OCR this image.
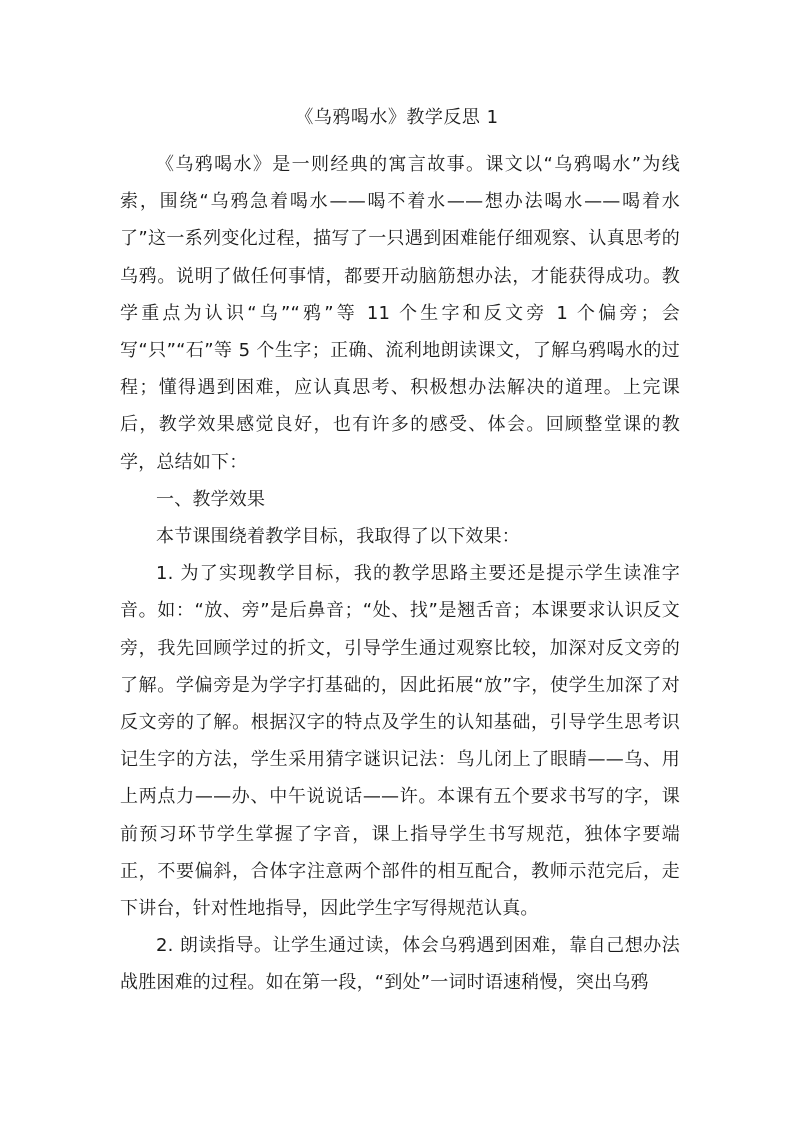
《乌鸦喝水》教学反思 1

《乌鸦喝水》是一则经典的寓言故事。课文以“乌鸦喝水”为线索，围绕“乌鸦急着喝水——喝不着水——想办法喝水——喝着水了”这一系列变化过程，描写了一只遇到困难能仔细观察、认真思考的乌鸦。说明了做任何事情，都要开动脑筋想办法，才能获得成功。教学重点为认识“乌”“鸦”等 11 个生字和反文旁 1 个偏旁；会写“只”“石”等 5 个生字；正确、流利地朗读课文，了解乌鸦喝水的过程；懂得遇到困难，应认真思考、积极想办法解决的道理。上完课后，教学效果感觉良好，也有许多的感受、体会。回顾整堂课的教学，总结如下：

一、教学效果

本节课围绕着教学目标，我取得了以下效果：

1. 为了实现教学目标，我的教学思路主要还是提示学生读准字音。如：“放、旁”是后鼻音；“处、找”是翘舌音；本课要求认识反文旁，我先回顾学过的折文，引导学生通过观察比较，加深对反文旁的了解。学偏旁是为学字打基础的，因此拓展“放”字，使学生加深了对反文旁的了解。根据汉字的特点及学生的认知基础，引导学生思考识记生字的方法，学生采用猜字谜识记法：鸟儿闭上了眼睛——乌、用上两点力——办、中午说说话——许。本课有五个要求书写的字，课前预习环节学生掌握了字音，课上指导学生书写规范，独体字要端正，不要偏斜，合体字注意两个部件的相互配合，教师示范完后，走下讲台，针对性地指导，因此学生字写得规范认真。

2. 朗读指导。让学生通过读，体会乌鸦遇到困难，靠自己想办法战胜困难的过程。如在第一段，“到处”一词时语速稍慢，突出乌鸦
